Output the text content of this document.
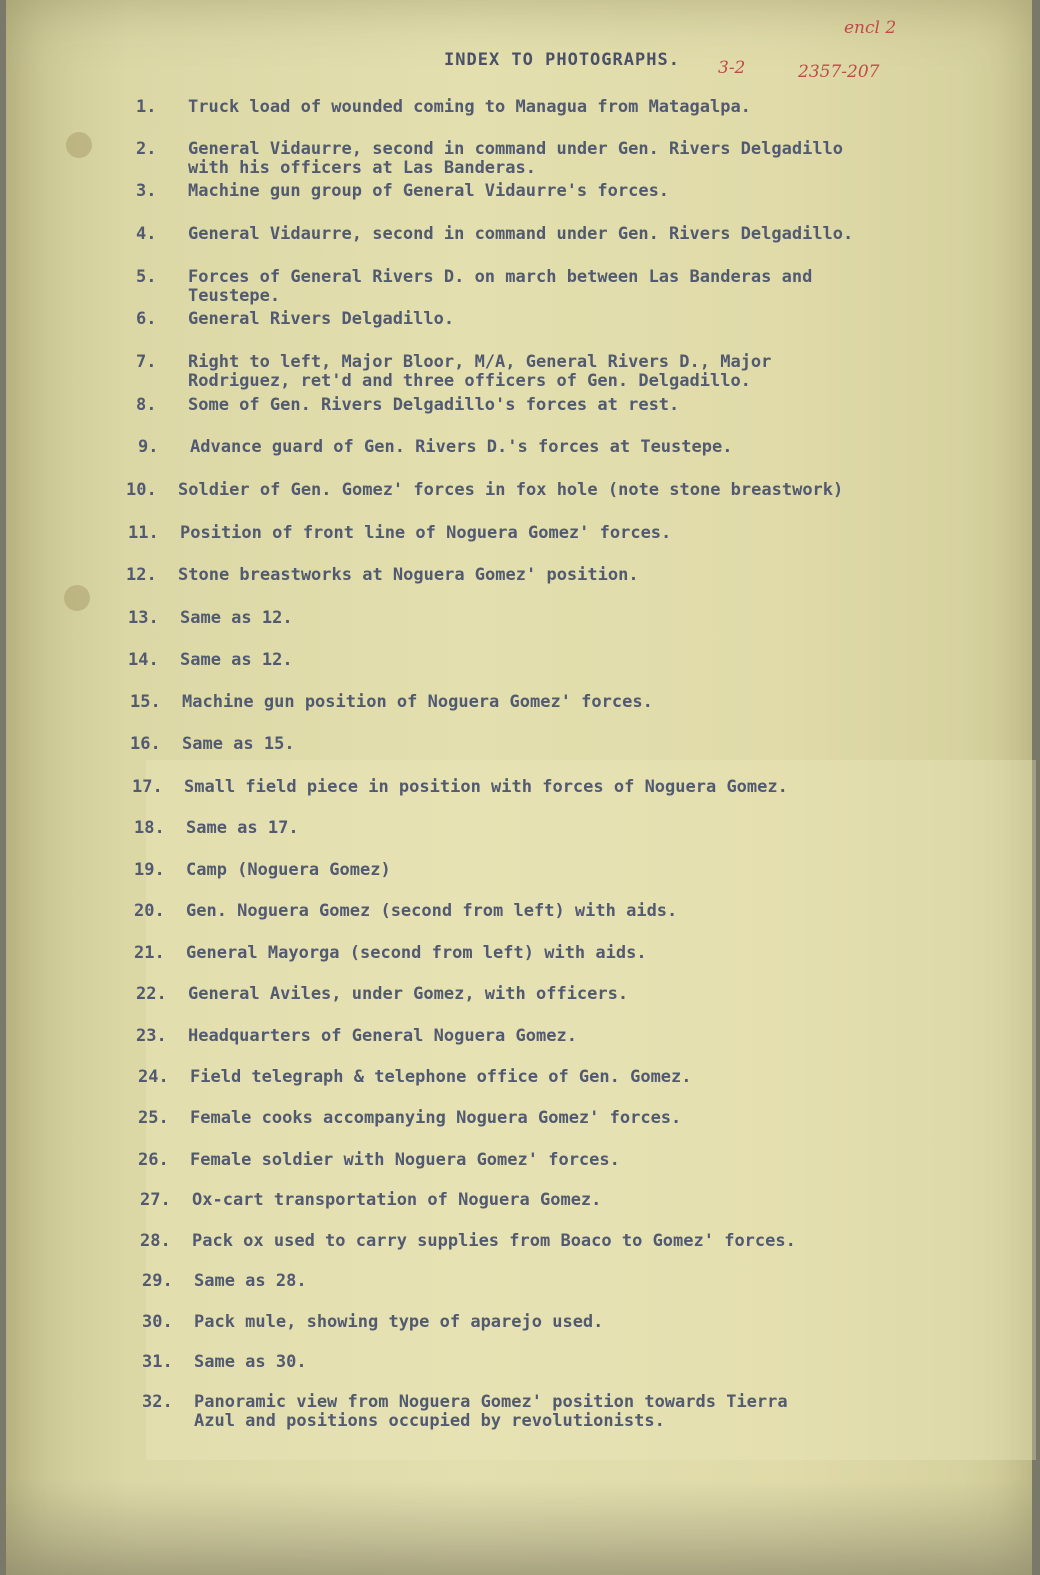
encl 2
INDEX TO PHOTOGRAPHS. 3-2	2357-207
1.	Truck load of wounded coming to Managua from Matagalpa.
2.	General Vidaurre, second in command under Gen. Rivers Delgadillo
with his officers at Las Banderas.
3.	Machine gun group of General Vidaurre's forces.
4.	General Vidaurre, second in command under Gen. Rivers Delgadillo.
5.	Forces of General Rivers D. on march between Las Banderas and
Teustepe.
6.	General Rivers Delgadillo.
7.	Right to left, Major Bloor, M/A, General Rivers D., Major
Rodriguez, ret'd and three officers of Gen. Delgadillo.
8.	Some of Gen. Rivers Delgadillo's forces at rest.
9.	Advance guard of Gen. Rivers D.'s forces at Teustepe.
10.	Soldier of Gen. Gomez' forces in fox hole (note stone breastwork)
11.	Position of front line of Noguera Gomez' forces.
12.	Stone breastworks at Noguera Gomez' position.
13.	Same as 12.
14.	Same as 12.
15.	Machine gun position of Noguera Gomez' forces.
16.	Same as 15.
17.	Small field piece in position with forces of Noguera Gomez.
18.	Same as 17.
19.	Camp (Noguera Gomez)
20.	Gen. Noguera Gomez (second from left) with aids.
21.	General Mayorga (second from left) with aids.
22.	General Aviles, under Gomez, with officers.
23.	Headquarters of General Noguera Gomez.
24.	Field telegraph & telephone office of Gen. Gomez.
25.	Female cooks accompanying Noguera Gomez' forces.
26.	Female soldier with Noguera Gomez' forces.
27.	Ox-cart transportation of Noguera Gomez.
28.	Pack ox used to carry supplies from Boaco to Gomez' forces.
29.	Same as 28.
30.	Pack mule, showing type of aparejo used.
31.	Same as 30.
32.	Panoramic view from Noguera Gomez' position towards Tierra
Azul and positions occupied by revolutionists.
